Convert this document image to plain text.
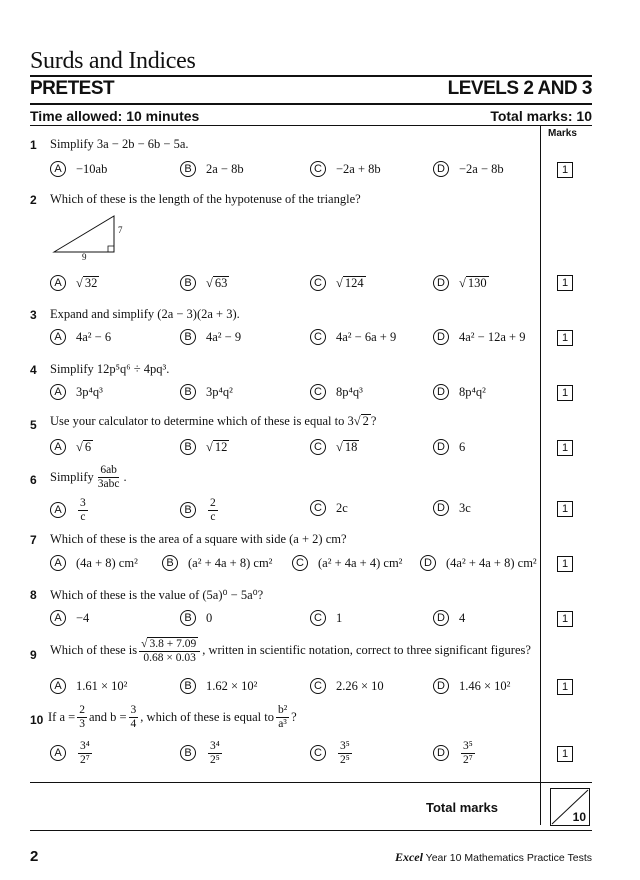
Surds and Indices
PRETEST	LEVELS 2 AND 3
Time allowed: 10 minutes	Total marks: 10
Marks
1 Simplify 3a − 2b − 6b − 5a.
A	−10ab	B	2a − 8b	C	−2a + 8b	D	−2a − 8b	1
2 Which of these is the length of the hypotenuse of the triangle?
7
9
A	√ 32	B	√ 63	C	√ 124	D	√ 130	1
3 Expand and simplify (2a − 3)(2a + 3).
A	4a² − 6	B	4a² − 9	C	4a² − 6a + 9	D	4a² − 12a + 9	1
4 Simplify 12p⁵q⁶ ÷ 4pq³.
A	3p⁴q³	B	3p⁴q²	C	8p⁴q³	D	8p⁴q²	1
5 Use your calculator to determine which of these is equal to 3 √ 2 ?
A	√ 6	B	√ 12	C	√ 18	D	6	1
6 Simplify $\frac{6ab}{\text{3abc}}$ .
A	$\frac{3}{c}$	B	$\frac{2}{c}$	C	2c	D	3c	1
7 Which of these is the area of a square with side (a + 2) cm?
A	(4a + 8) cm²	B	(a² + 4a + 8) cm²	C	(a² + 4a + 4) cm²	D	(4a² + 4a + 8) cm²	1
8 Which of these is the value of (5a)⁰ − 5a⁰?
A	−4	B	0	C	1	D	4	1
9 Which of these is $\frac{√ 3.8 + 7.09}{0.68 \times 0.03}$ , written in scientific notation, correct to three significant figures?
A	1.61 × 10²	B	1.62 × 10²	C	2.26 × 10	D	1.46 × 10²	1
10 If $a = \frac{2}{3}$ and $b = \frac{3}{4}$ , which of these is equal to $\frac{\text{b²}}{\text{a³}}$ ?
A	$\frac{\text{3⁴}}{\text{2⁷}}$	B	$\frac{\text{3⁴}}{\text{2⁵}}$	C	$\frac{\text{3⁵}}{\text{2⁵}}$	D	$\frac{\text{3⁵}}{\text{2⁷}}$	1
Total marks
10
2	Excel Year 10 Mathematics Practice Tests
